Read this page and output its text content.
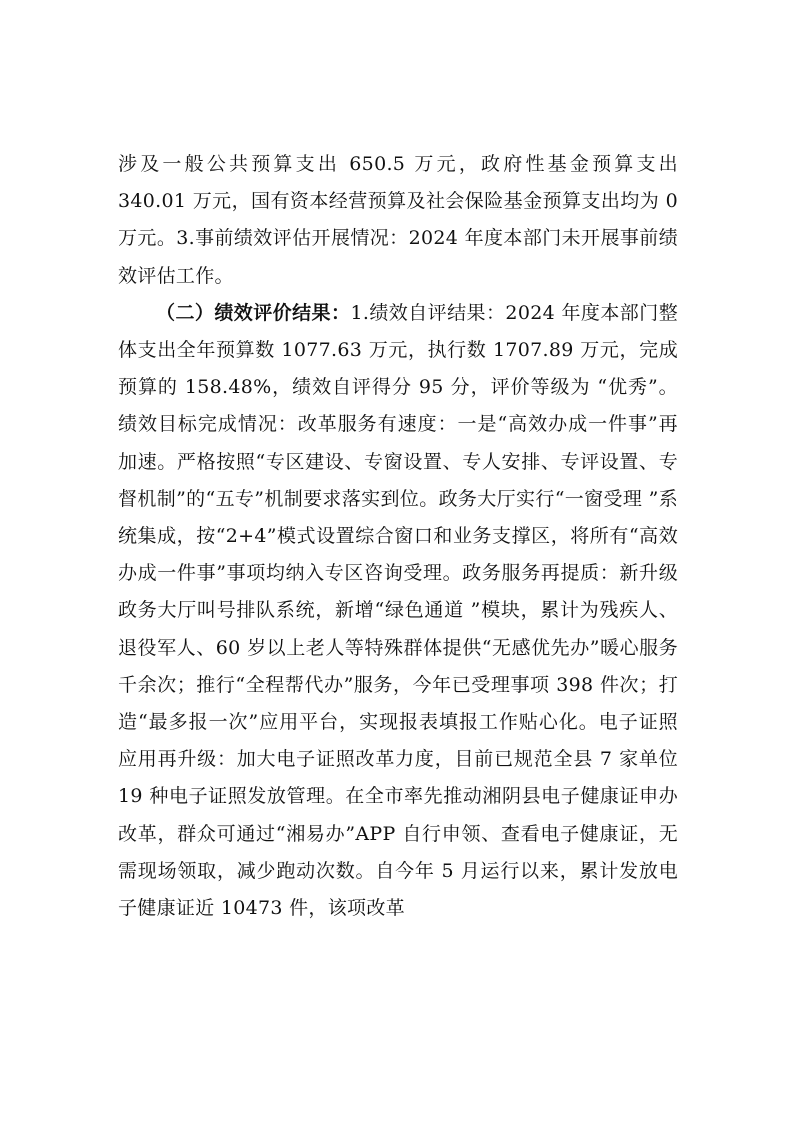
涉及一般公共预算支出 650.5 万元，政府性基金预算支出 340.01 万元，国有资本经营预算及社会保险基金预算支出均为 0 万元。3.事前绩效评估开展情况：2024 年度本部门未开展事前绩效评估工作。

（二）绩效评价结果：1.绩效自评结果：2024 年度本部门整体支出全年预算数 1077.63 万元，执行数 1707.89 万元，完成预算的 158.48%，绩效自评得分 95 分，评价等级为 “优秀”。绩效目标完成情况：改革服务有速度：一是“高效办成一件事”再加速。严格按照“专区建设、专窗设置、专人安排、专评设置、专督机制”的“五专”机制要求落实到位。政务大厅实行“一窗受理 ”系统集成，按“2+4”模式设置综合窗口和业务支撑区，将所有“高效办成一件事”事项均纳入专区咨询受理。政务服务再提质：新升级政务大厅叫号排队系统，新增“绿色通道 ”模块，累计为残疾人、退役军人、60 岁以上老人等特殊群体提供“无感优先办”暖心服务千余次；推行“全程帮代办”服务，今年已受理事项 398 件次；打造“最多报一次”应用平台，实现报表填报工作贴心化。电子证照应用再升级：加大电子证照改革力度，目前已规范全县 7 家单位 19 种电子证照发放管理。在全市率先推动湘阴县电子健康证申办改革，群众可通过“湘易办”APP 自行申领、查看电子健康证，无需现场领取，减少跑动次数。自今年 5 月运行以来，累计发放电子健康证近 10473 件，该项改革
